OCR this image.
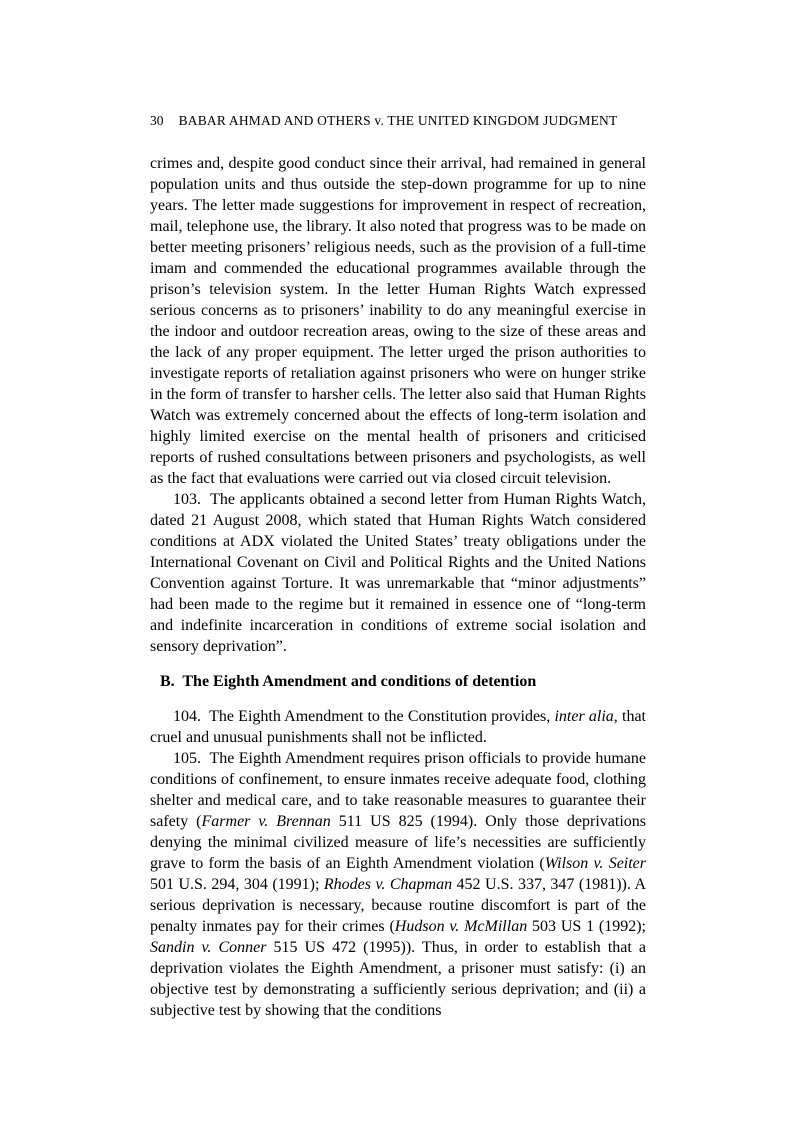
30	BABAR AHMAD AND OTHERS v. THE UNITED KINGDOM JUDGMENT

crimes and, despite good conduct since their arrival, had remained in general population units and thus outside the step-down programme for up to nine years. The letter made suggestions for improvement in respect of recreation, mail, telephone use, the library. It also noted that progress was to be made on better meeting prisoners’ religious needs, such as the provision of a full-time imam and commended the educational programmes available through the prison’s television system. In the letter Human Rights Watch expressed serious concerns as to prisoners’ inability to do any meaningful exercise in the indoor and outdoor recreation areas, owing to the size of these areas and the lack of any proper equipment. The letter urged the prison authorities to investigate reports of retaliation against prisoners who were on hunger strike in the form of transfer to harsher cells. The letter also said that Human Rights Watch was extremely concerned about the effects of long-term isolation and highly limited exercise on the mental health of prisoners and criticised reports of rushed consultations between prisoners and psychologists, as well as the fact that evaluations were carried out via closed circuit television.

103.  The applicants obtained a second letter from Human Rights Watch, dated 21 August 2008, which stated that Human Rights Watch considered conditions at ADX violated the United States’ treaty obligations under the International Covenant on Civil and Political Rights and the United Nations Convention against Torture. It was unremarkable that “minor adjustments” had been made to the regime but it remained in essence one of “long-term and indefinite incarceration in conditions of extreme social isolation and sensory deprivation”.

B.  The Eighth Amendment and conditions of detention

104.  The Eighth Amendment to the Constitution provides, inter alia, that cruel and unusual punishments shall not be inflicted.

105.  The Eighth Amendment requires prison officials to provide humane conditions of confinement, to ensure inmates receive adequate food, clothing shelter and medical care, and to take reasonable measures to guarantee their safety (Farmer v. Brennan 511 US 825 (1994). Only those deprivations denying the minimal civilized measure of life’s necessities are sufficiently grave to form the basis of an Eighth Amendment violation (Wilson v. Seiter 501 U.S. 294, 304 (1991); Rhodes v. Chapman 452 U.S. 337, 347 (1981)). A serious deprivation is necessary, because routine discomfort is part of the penalty inmates pay for their crimes (Hudson v. McMillan 503 US 1 (1992); Sandin v. Conner 515 US 472 (1995)). Thus, in order to establish that a deprivation violates the Eighth Amendment, a prisoner must satisfy: (i) an objective test by demonstrating a sufficiently serious deprivation; and (ii) a subjective test by showing that the conditions
